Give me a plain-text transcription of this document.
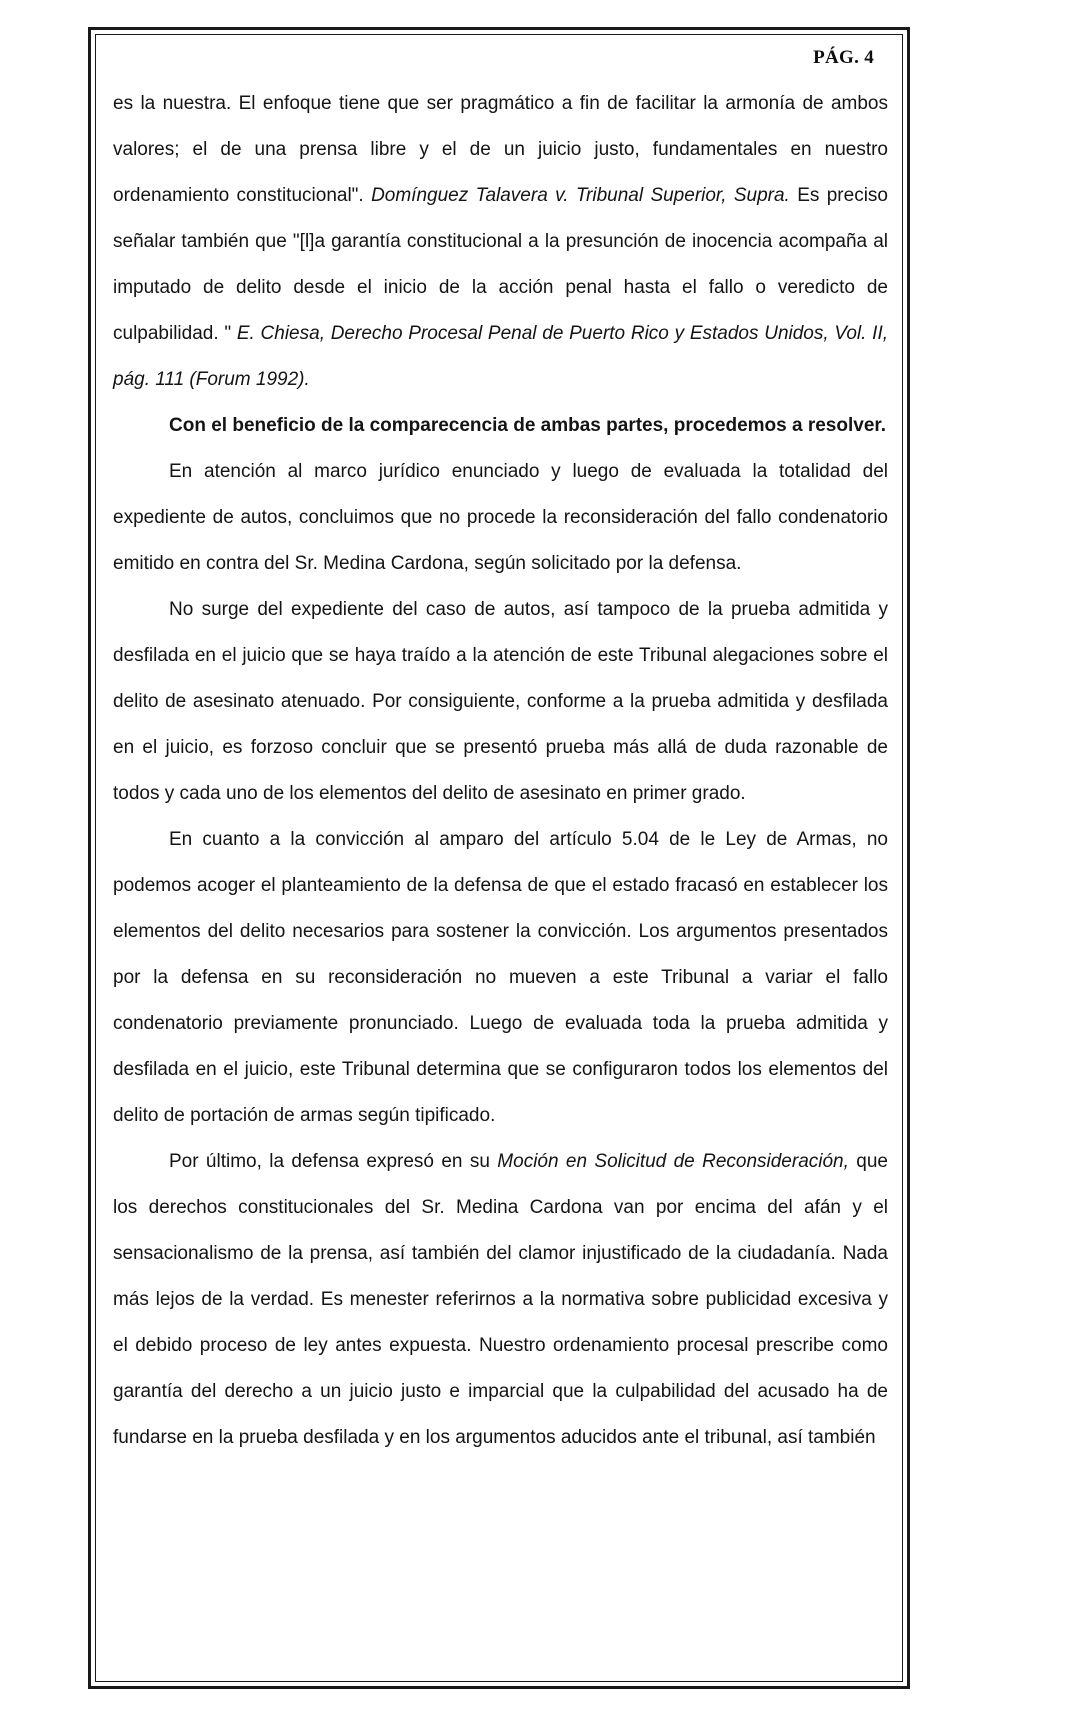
PÁG. 4

es la nuestra. El enfoque tiene que ser pragmático a fin de facilitar la armonía de ambos valores; el de una prensa libre y el de un juicio justo, fundamentales en nuestro ordenamiento constitucional". Domínguez Talavera v. Tribunal Superior, Supra. Es preciso señalar también que "[l]a garantía constitucional a la presunción de inocencia acompaña al imputado de delito desde el inicio de la acción penal hasta el fallo o veredicto de culpabilidad. " E. Chiesa, Derecho Procesal Penal de Puerto Rico y Estados Unidos, Vol. II, pág. 111 (Forum 1992).

Con el beneficio de la comparecencia de ambas partes, procedemos a resolver.

En atención al marco jurídico enunciado y luego de evaluada la totalidad del expediente de autos, concluimos que no procede la reconsideración del fallo condenatorio emitido en contra del Sr. Medina Cardona, según solicitado por la defensa.

No surge del expediente del caso de autos, así tampoco de la prueba admitida y desfilada en el juicio que se haya traído a la atención de este Tribunal alegaciones sobre el delito de asesinato atenuado. Por consiguiente, conforme a la prueba admitida y desfilada en el juicio, es forzoso concluir que se presentó prueba más allá de duda razonable de todos y cada uno de los elementos del delito de asesinato en primer grado.

En cuanto a la convicción al amparo del artículo 5.04 de le Ley de Armas, no podemos acoger el planteamiento de la defensa de que el estado fracasó en establecer los elementos del delito necesarios para sostener la convicción. Los argumentos presentados por la defensa en su reconsideración no mueven a este Tribunal a variar el fallo condenatorio previamente pronunciado. Luego de evaluada toda la prueba admitida y desfilada en el juicio, este Tribunal determina que se configuraron todos los elementos del delito de portación de armas según tipificado.

Por último, la defensa expresó en su Moción en Solicitud de Reconsideración, que los derechos constitucionales del Sr. Medina Cardona van por encima del afán y el sensacionalismo de la prensa, así también del clamor injustificado de la ciudadanía. Nada más lejos de la verdad. Es menester referirnos a la normativa sobre publicidad excesiva y el debido proceso de ley antes expuesta. Nuestro ordenamiento procesal prescribe como garantía del derecho a un juicio justo e imparcial que la culpabilidad del acusado ha de fundarse en la prueba desfilada y en los argumentos aducidos ante el tribunal, así también
